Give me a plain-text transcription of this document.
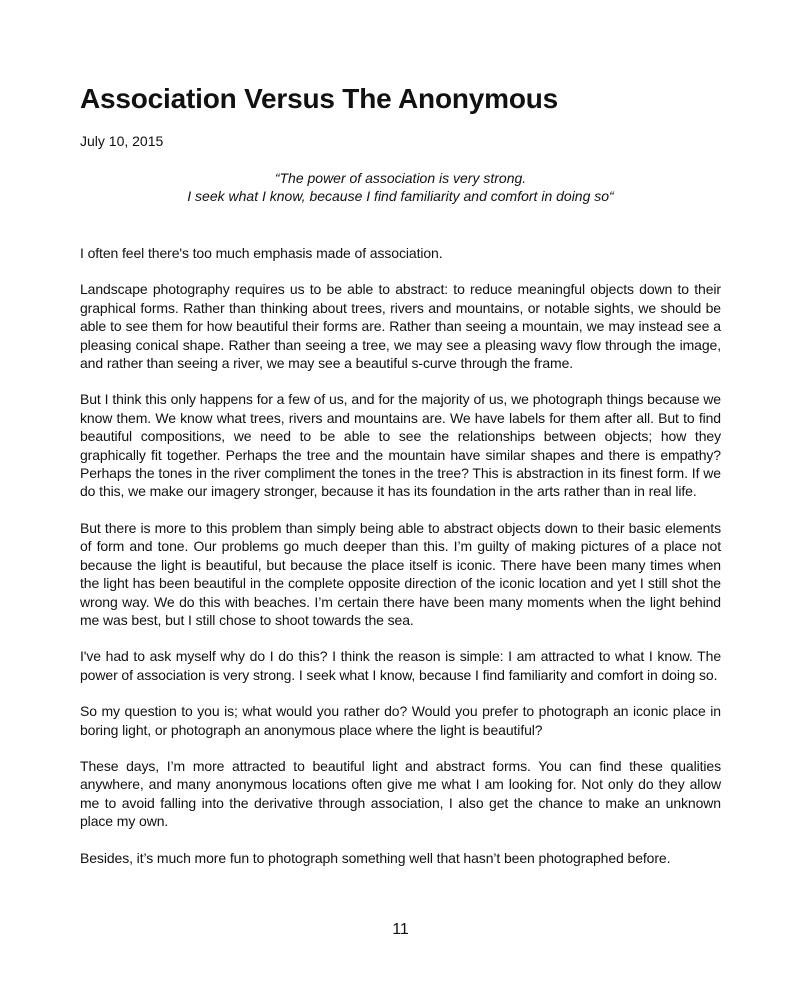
Association Versus The Anonymous
July 10, 2015
“The power of association is very strong.
I seek what I know, because I find familiarity and comfort in doing so“

I often feel there's too much emphasis made of association.

Landscape photography requires us to be able to abstract: to reduce meaningful objects down to their graphical forms. Rather than thinking about trees, rivers and mountains, or notable sights, we should be able to see them for how beautiful their forms are. Rather than seeing a mountain, we may instead see a pleasing conical shape. Rather than seeing a tree, we may see a pleasing wavy flow through the image, and rather than seeing a river, we may see a beautiful s-curve through the frame.

But I think this only happens for a few of us, and for the majority of us, we photograph things because we know them. We know what trees, rivers and mountains are. We have labels for them after all. But to find beautiful compositions, we need to be able to see the relationships between objects; how they graphically fit together. Perhaps the tree and the mountain have similar shapes and there is empathy? Perhaps the tones in the river compliment the tones in the tree? This is abstraction in its finest form. If we do this, we make our imagery stronger, because it has its foundation in the arts rather than in real life.

But there is more to this problem than simply being able to abstract objects down to their basic elements of form and tone. Our problems go much deeper than this. I’m guilty of making pictures of a place not because the light is beautiful, but because the place itself is iconic. There have been many times when the light has been beautiful in the complete opposite direction of the iconic location and yet I still shot the wrong way. We do this with beaches. I’m certain there have been many moments when the light behind me was best, but I still chose to shoot towards the sea.

I've had to ask myself why do I do this? I think the reason is simple: I am attracted to what I know. The power of association is very strong. I seek what I know, because I find familiarity and comfort in doing so.

So my question to you is; what would you rather do? Would you prefer to photograph an iconic place in boring light, or photograph an anonymous place where the light is beautiful?

These days, I’m more attracted to beautiful light and abstract forms. You can find these qualities anywhere, and many anonymous locations often give me what I am looking for. Not only do they allow me to avoid falling into the derivative through association, I also get the chance to make an unknown place my own.

Besides, it’s much more fun to photograph something well that hasn’t been photographed before.

11
